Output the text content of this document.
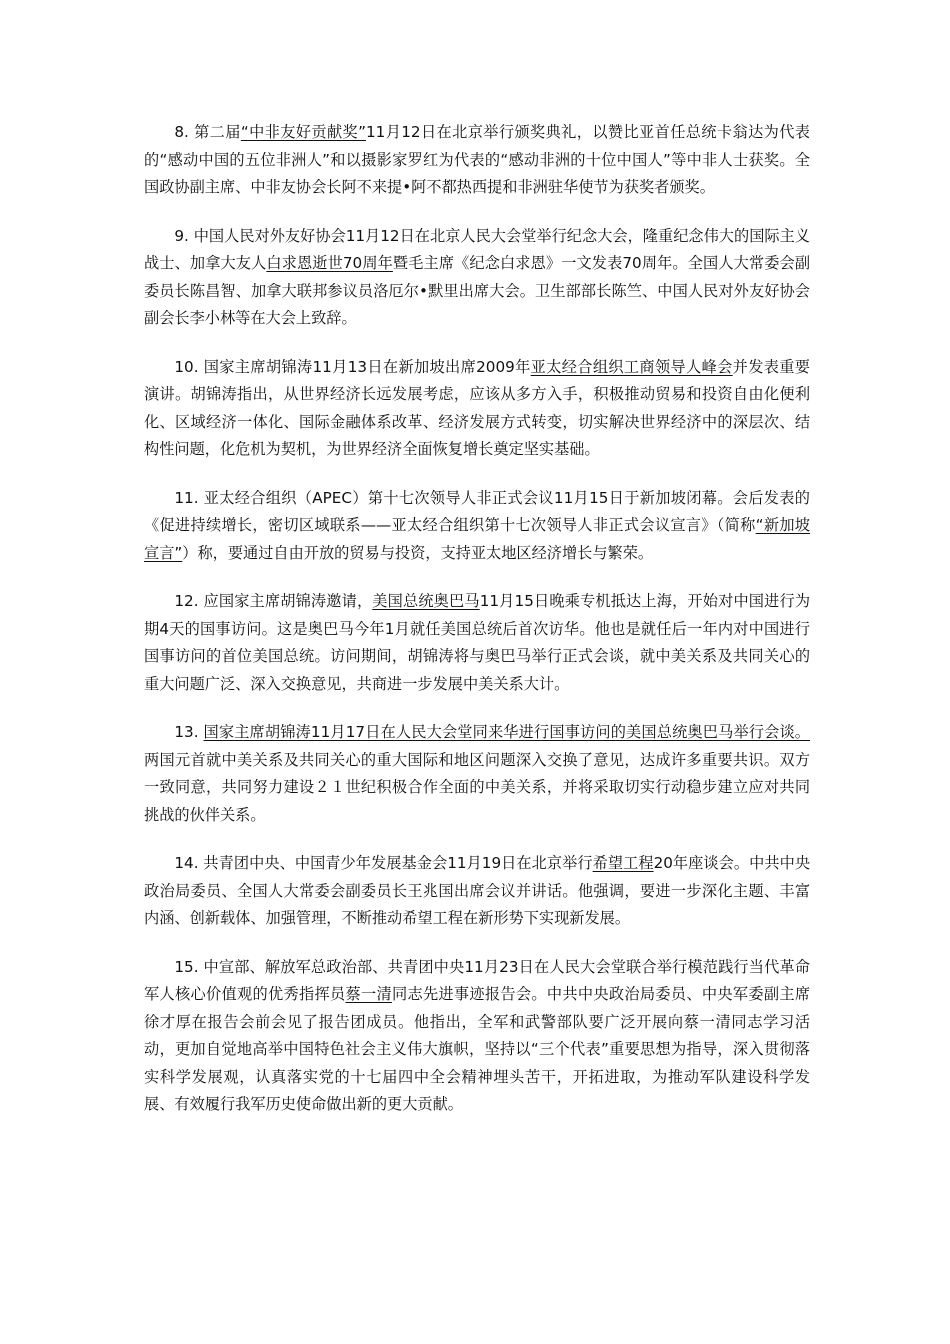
8. 第二届“中非友好贡献奖”11月12日在北京举行颁奖典礼，以赞比亚首任总统卡翁达为代表的“感动中国的五位非洲人”和以摄影家罗红为代表的“感动非洲的十位中国人”等中非人士获奖。全国政协副主席、中非友协会长阿不来提•阿不都热西提和非洲驻华使节为获奖者颁奖。

9. 中国人民对外友好协会11月12日在北京人民大会堂举行纪念大会，隆重纪念伟大的国际主义战士、加拿大友人白求恩逝世70周年暨毛主席《纪念白求恩》一文发表70周年。全国人大常委会副委员长陈昌智、加拿大联邦参议员洛厄尔•默里出席大会。卫生部部长陈竺、中国人民对外友好协会副会长李小林等在大会上致辞。

10. 国家主席胡锦涛11月13日在新加坡出席2009年亚太经合组织工商领导人峰会并发表重要演讲。胡锦涛指出，从世界经济长远发展考虑，应该从多方入手，积极推动贸易和投资自由化便利化、区域经济一体化、国际金融体系改革、经济发展方式转变，切实解决世界经济中的深层次、结构性问题，化危机为契机，为世界经济全面恢复增长奠定坚实基础。

11. 亚太经合组织（APEC）第十七次领导人非正式会议11月15日于新加坡闭幕。会后发表的《促进持续增长，密切区域联系——亚太经合组织第十七次领导人非正式会议宣言》（简称“新加坡宣言”）称，要通过自由开放的贸易与投资，支持亚太地区经济增长与繁荣。

12. 应国家主席胡锦涛邀请，美国总统奥巴马11月15日晚乘专机抵达上海，开始对中国进行为期4天的国事访问。这是奥巴马今年1月就任美国总统后首次访华。他也是就任后一年内对中国进行国事访问的首位美国总统。访问期间，胡锦涛将与奥巴马举行正式会谈，就中美关系及共同关心的重大问题广泛、深入交换意见，共商进一步发展中美关系大计。

13. 国家主席胡锦涛11月17日在人民大会堂同来华进行国事访问的美国总统奥巴马举行会谈。两国元首就中美关系及共同关心的重大国际和地区问题深入交换了意见，达成许多重要共识。双方一致同意，共同努力建设２１世纪积极合作全面的中美关系，并将采取切实行动稳步建立应对共同挑战的伙伴关系。

14. 共青团中央、中国青少年发展基金会11月19日在北京举行希望工程20年座谈会。中共中央政治局委员、全国人大常委会副委员长王兆国出席会议并讲话。他强调，要进一步深化主题、丰富内涵、创新载体、加强管理，不断推动希望工程在新形势下实现新发展。

15. 中宣部、解放军总政治部、共青团中央11月23日在人民大会堂联合举行模范践行当代革命军人核心价值观的优秀指挥员蔡一清同志先进事迹报告会。中共中央政治局委员、中央军委副主席徐才厚在报告会前会见了报告团成员。他指出，全军和武警部队要广泛开展向蔡一清同志学习活动，更加自觉地高举中国特色社会主义伟大旗帜，坚持以“三个代表”重要思想为指导，深入贯彻落实科学发展观，认真落实党的十七届四中全会精神埋头苦干，开拓进取，为推动军队建设科学发展、有效履行我军历史使命做出新的更大贡献。
